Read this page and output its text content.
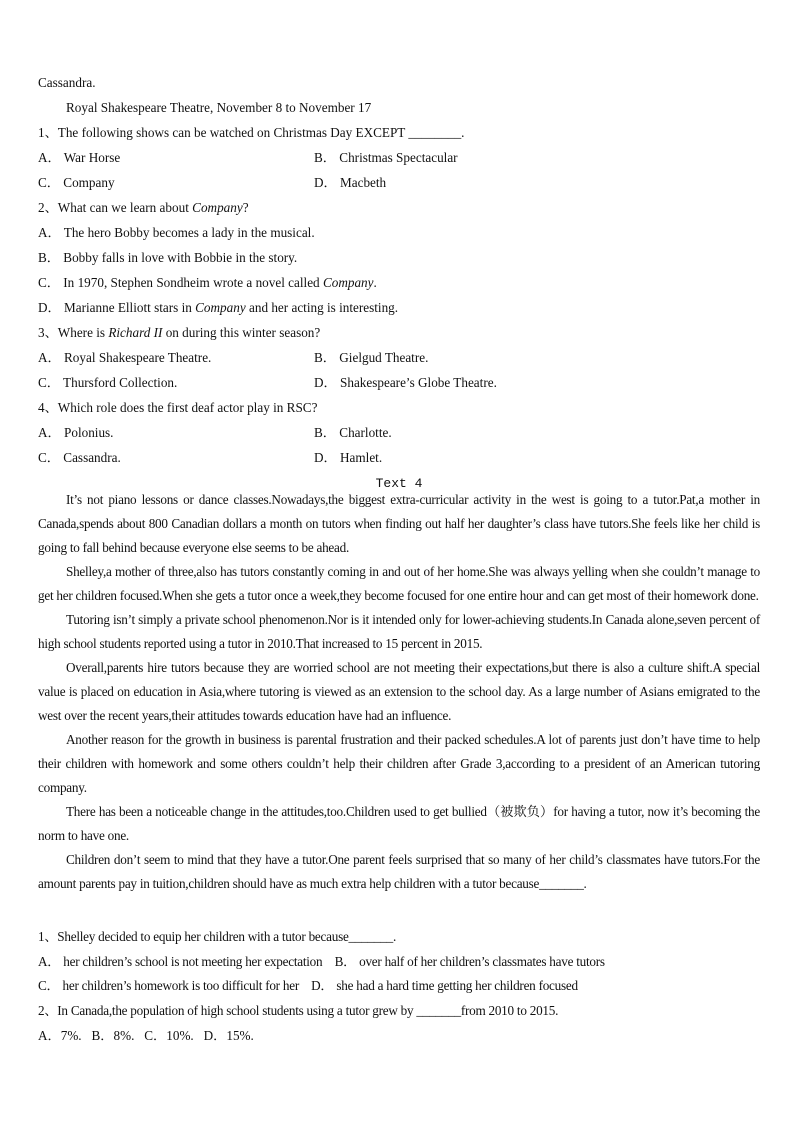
Cassandra.
Royal Shakespeare Theatre, November 8 to November 17
1、The following shows can be watched on Christmas Day EXCEPT ________.
A． War Horse	B． Christmas Spectacular
C． Company	D． Macbeth
2、What can we learn about Company?
A． The hero Bobby becomes a lady in the musical.
B． Bobby falls in love with Bobbie in the story.
C． In 1970, Stephen Sondheim wrote a novel called Company.
D． Marianne Elliott stars in Company and her acting is interesting.
3、Where is Richard II on during this winter season?
A． Royal Shakespeare Theatre.	B． Gielgud Theatre.
C． Thursford Collection.	D． Shakespeare’s Globe Theatre.
4、Which role does the first deaf actor play in RSC?
A． Polonius.	B． Charlotte.
C． Cassandra.	D． Hamlet.
Text 4

It’s not piano lessons or dance classes.Nowadays,the biggest extra-curricular activity in the west is going to a tutor.Pat,a mother in Canada,spends about 800 Canadian dollars a month on tutors when finding out half her daughter’s class have tutors.She feels like her child is going to fall behind because everyone else seems to be ahead.

Shelley,a mother of three,also has tutors constantly coming in and out of her home.She was always yelling when she couldn’t manage to get her children focused.When she gets a tutor once a week,they become focused for one entire hour and can get most of their homework done.

Tutoring isn’t simply a private school phenomenon.Nor is it intended only for lower-achieving students.In Canada alone,seven percent of high school students reported using a tutor in 2010.That increased to 15 percent in 2015.

Overall,parents hire tutors because they are worried school are not meeting their expectations,but there is also a culture shift.A special value is placed on education in Asia,where tutoring is viewed as an extension to the school day. As a large number of Asians emigrated to the west over the recent years,their attitudes towards education have had an influence.

Another reason for the growth in business is parental frustration and their packed schedules.A lot of parents just don’t have time to help their children with homework and some others couldn’t help their children after Grade 3,according to a president of an American tutoring company.

There has been a noticeable change in the attitudes,too.Children used to get bullied（被欺负）for having a tutor, now it’s becoming the norm to have one.

Children don’t seem to mind that they have a tutor.One parent feels surprised that so many of her child’s classmates have tutors.For the amount parents pay in tuition,children should have as much extra help children with a tutor because_______.

1、Shelley decided to equip her children with a tutor because_______.
A． her children’s school is not meeting her expectation B． over half of her children’s classmates have tutors
C． her children’s homework is too difficult for her D． she had a hard time getting her children focused
2、In Canada,the population of high school students using a tutor grew by _______from 2010 to 2015.
A．7%. B．8%. C．10%. D．15%.
